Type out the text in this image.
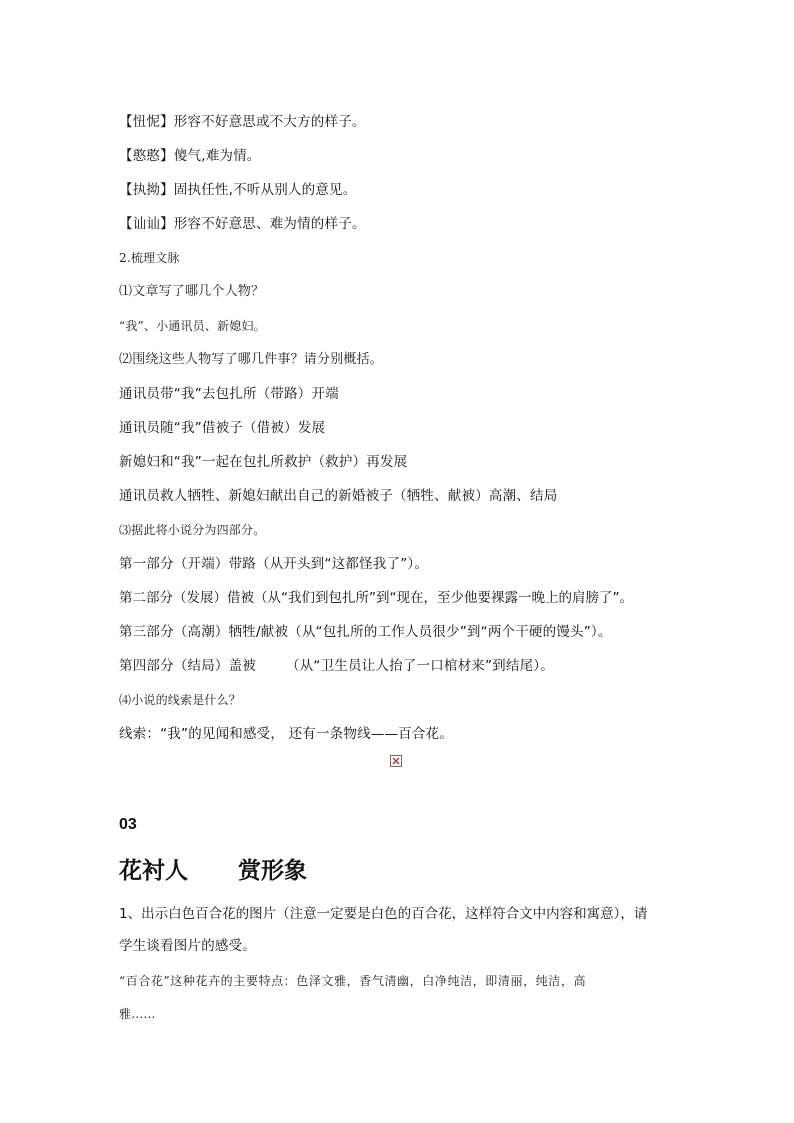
【忸怩】形容不好意思或不大方的样子。
【憨憨】傻气,难为情。
【执拗】固执任性,不听从别人的意见。
【讪讪】形容不好意思、难为情的样子。
2.梳理文脉
⑴文章写了哪几个人物？
“我”、小通讯员、新媳妇。
⑵围绕这些人物写了哪几件事？请分别概括。
通讯员带“我”去包扎所（带路）开端
通讯员随“我”借被子（借被）发展
新媳妇和“我”一起在包扎所救护（救护）再发展
通讯员救人牺牲、新媳妇献出自己的新婚被子（牺牲、献被）高潮、结局
⑶据此将小说分为四部分。
第一部分（开端）带路（从开头到“这都怪我了”）。
第二部分（发展）借被（从“我们到包扎所”到“现在，至少他要裸露一晚上的肩膀了”。
第三部分（高潮）牺牲/献被（从“包扎所的工作人员很少”到“两个干硬的馒头”）。
第四部分（结局）盖被 （从“卫生员让人抬了一口棺材来”到结尾）。
⑷小说的线索是什么？
线索：“我”的见闻和感受， 还有一条物线——百合花。
03
花衬人 赏形象
1、出示白色百合花的图片（注意一定要是白色的百合花，这样符合文中内容和寓意），请
学生谈看图片的感受。
“百合花”这种花卉的主要特点：色泽文雅，香气清幽，白净纯洁，即清丽，纯洁，高
雅……
